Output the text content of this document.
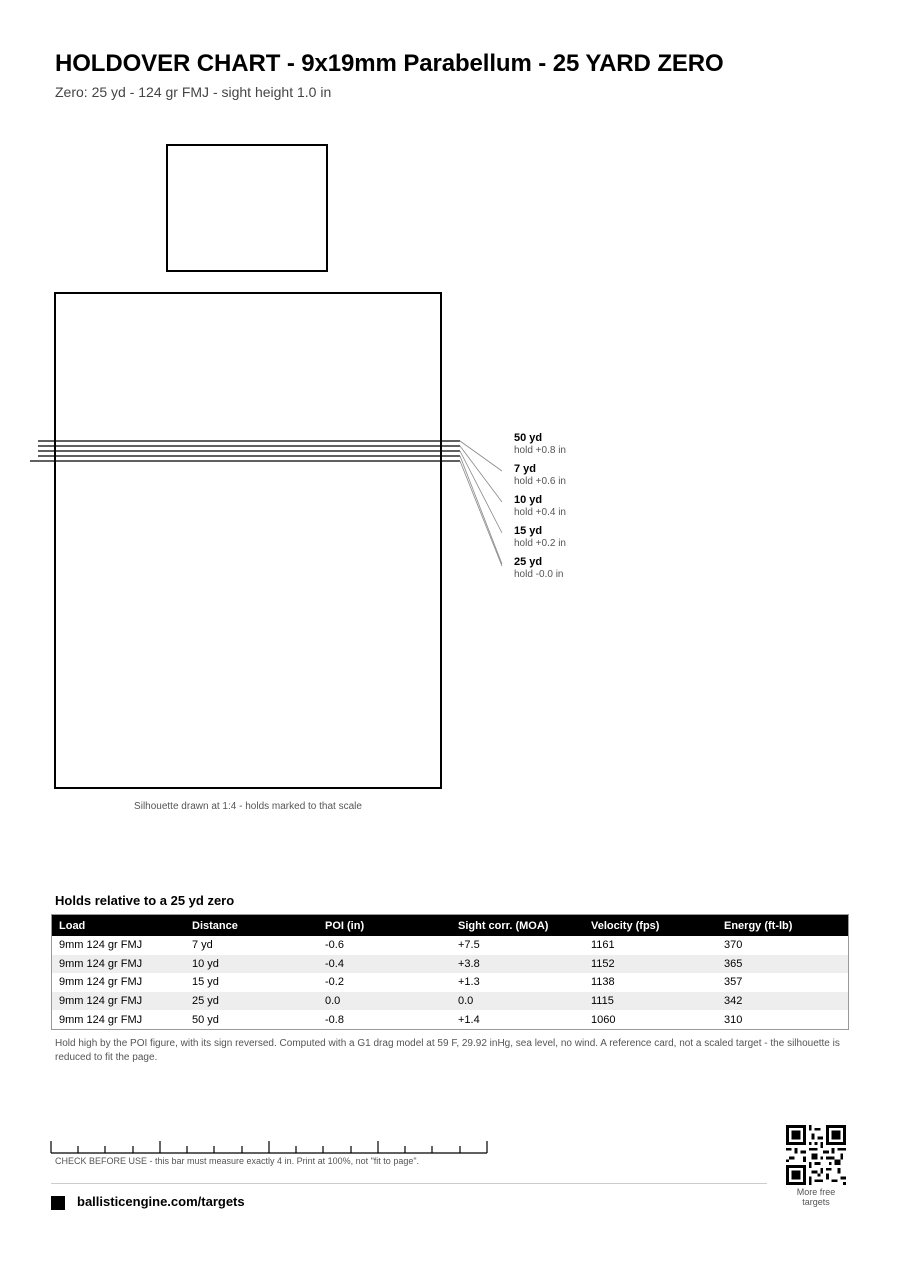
HOLDOVER CHART - 9x19mm Parabellum - 25 YARD ZERO
Zero: 25 yd - 124 gr FMJ - sight height 1.0 in
50 yd
hold +0.8 in
7 yd
hold +0.6 in
10 yd
hold +0.4 in
15 yd
hold +0.2 in
25 yd
hold -0.0 in
Silhouette drawn at 1:4 - holds marked to that scale
Holds relative to a 25 yd zero
Load	Distance	POI (in)	Sight corr. (MOA)	Velocity (fps)	Energy (ft-lb)
9mm 124 gr FMJ	7 yd	-0.6	+7.5	1161	370
9mm 124 gr FMJ	10 yd	-0.4	+3.8	1152	365
9mm 124 gr FMJ	15 yd	-0.2	+1.3	1138	357
9mm 124 gr FMJ	25 yd	0.0	0.0	1115	342
9mm 124 gr FMJ	50 yd	-0.8	+1.4	1060	310
Hold high by the POI figure, with its sign reversed. Computed with a G1 drag model at 59 F, 29.92 inHg, sea level, no wind. A reference card, not a scaled target - the silhouette is reduced to fit the page.
CHECK BEFORE USE - this bar must measure exactly 4 in. Print at 100%, not "fit to page".
ballisticengine.com/targets
More free targets
